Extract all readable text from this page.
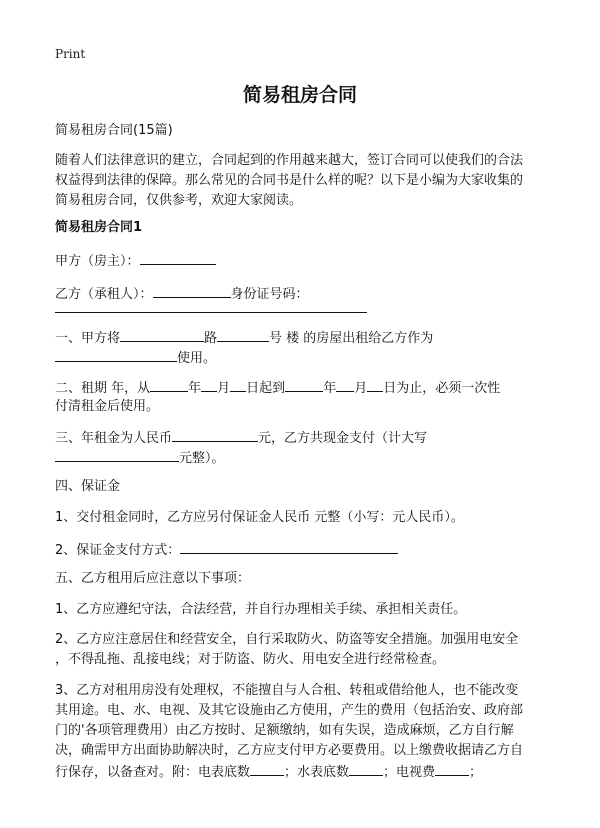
Print
简易租房合同

简易租房合同(15篇)

随着人们法律意识的建立，合同起到的作用越来越大，签订合同可以使我们的合法

权益得到法律的保障。那么常见的合同书是什么样的呢？以下是小编为大家收集的

简易租房合同，仅供参考，欢迎大家阅读。

简易租房合同1

甲方（房主）：

乙方（承租人）：	身份证号码：

一、甲方将	路	号 楼 的房屋出租给乙方作为

使用。

二、租期 年，从	年 月 日起到	年 月 日为止，必须一次性

付清租金后使用。

三、年租金为人民币	元，乙方共现金支付（计大写

元整）。

四、保证金

1、交付租金同时，乙方应另付保证金人民币 元整（小写：元人民币）。

2、保证金支付方式：

五、乙方租用后应注意以下事项：

1、乙方应遵纪守法，合法经营，并自行办理相关手续、承担相关责任。

2、乙方应注意居住和经营安全，自行采取防火、防盗等安全措施。加强用电安全

，不得乱拖、乱接电线；对于防盗、防火、用电安全进行经常检查。

3、乙方对租用房没有处理权，不能擅自与人合租、转租或借给他人，也不能改变

其用途。电、水、电视、及其它设施由乙方使用，产生的费用（包括治安、政府部

门的'各项管理费用）由乙方按时、足额缴纳，如有失误，造成麻烦，乙方自行解

决，确需甲方出面协助解决时，乙方应支付甲方必要费用。以上缴费收据请乙方自

行保存，以备查对。附：电表底数	；水表底数	；电视费	；
